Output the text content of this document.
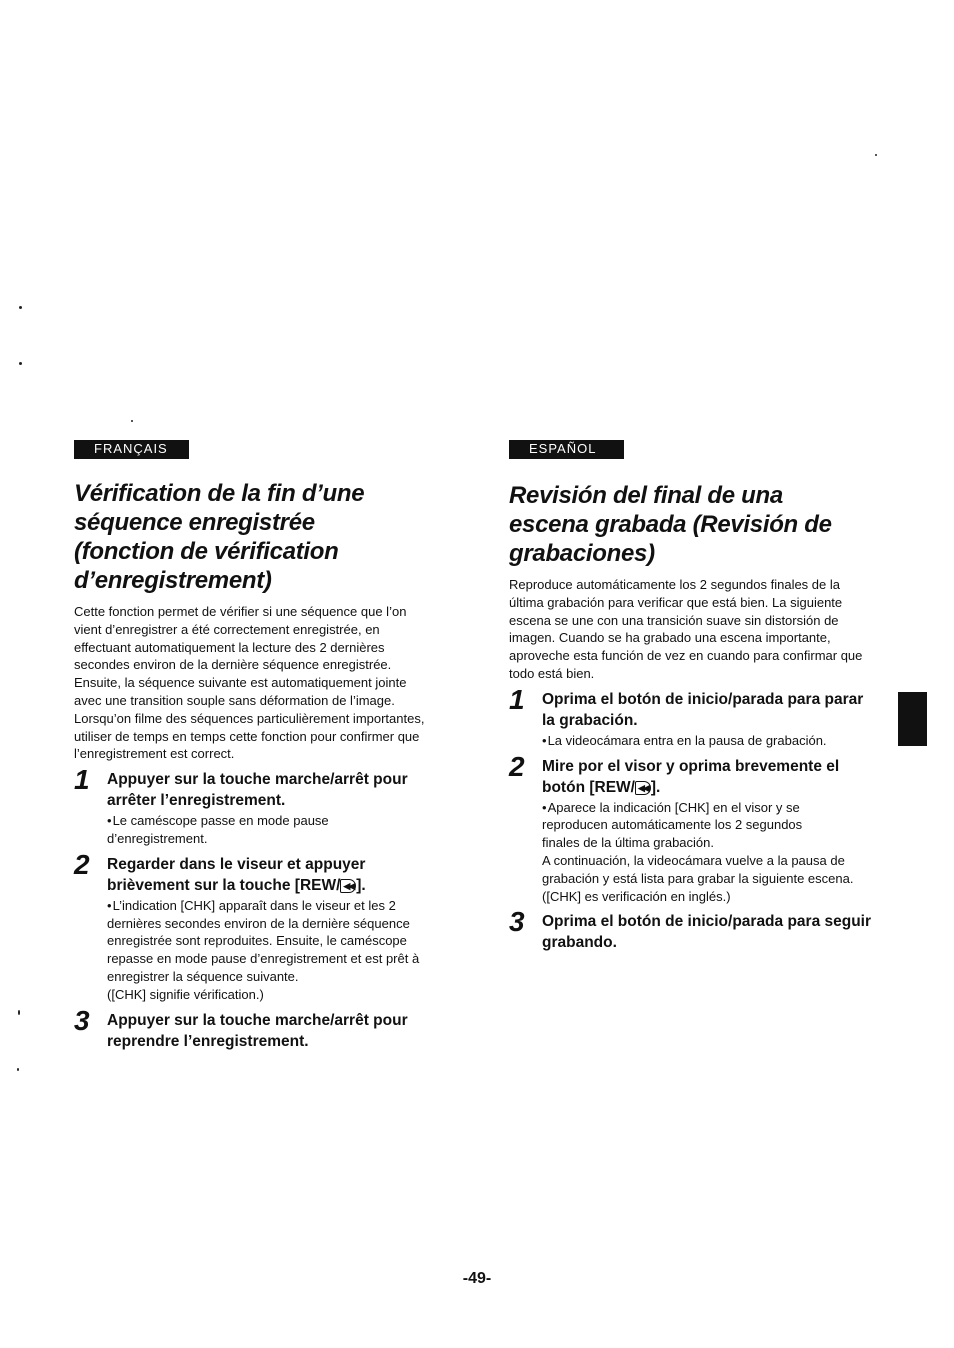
FRANÇAIS
Vérification de la fin d’une séquence enregistrée (fonction de vérification d’enregistrement)

Cette fonction permet de vérifier si une séquence que l’on vient d’enregistrer a été correctement enregistrée, en effectuant automatiquement la lecture des 2 dernières secondes environ de la dernière séquence enregistrée. Ensuite, la séquence suivante est automatiquement jointe avec une transition souple sans déformation de l’image. Lorsqu’on filme des séquences particulièrement importantes, utiliser de temps en temps cette fonction pour confirmer que l’enregistrement est correct.

1 Appuyer sur la touche marche/arrêt pour arrêter l’enregistrement.
• Le caméscope passe en mode pause d’enregistrement.
2 Regarder dans le viseur et appuyer brièvement sur la touche [REW/ ◀◀ ].
• L’indication [CHK] apparaît dans le viseur et les 2 dernières secondes environ de la dernière séquence enregistrée sont reproduites. Ensuite, le caméscope repasse en mode pause d’enregistrement et est prêt à enregistrer la séquence suivante.
([CHK] signifie vérification.)
3 Appuyer sur la touche marche/arrêt pour reprendre l’enregistrement.
ESPAÑOL
Revisión del final de una escena grabada (Revisión de grabaciones)

Reproduce automáticamente los 2 segundos finales de la última grabación para verificar que está bien. La siguiente escena se une con una transición suave sin distorsión de imagen. Cuando se ha grabado una escena importante, aproveche esta función de vez en cuando para confirmar que todo está bien.

1 Oprima el botón de inicio/parada para parar la grabación.
• La videocámara entra en la pausa de grabación.
2 Mire por el visor y oprima brevemente el botón [REW/ ◀◀ ].
• Aparece la indicación [CHK] en el visor y se reproducen automáticamente los 2 segundos finales de la última grabación.
A continuación, la videocámara vuelve a la pausa de grabación y está lista para grabar la siguiente escena.
([CHK] es verificación en inglés.)
3 Oprima el botón de inicio/parada para seguir grabando.
-49-
